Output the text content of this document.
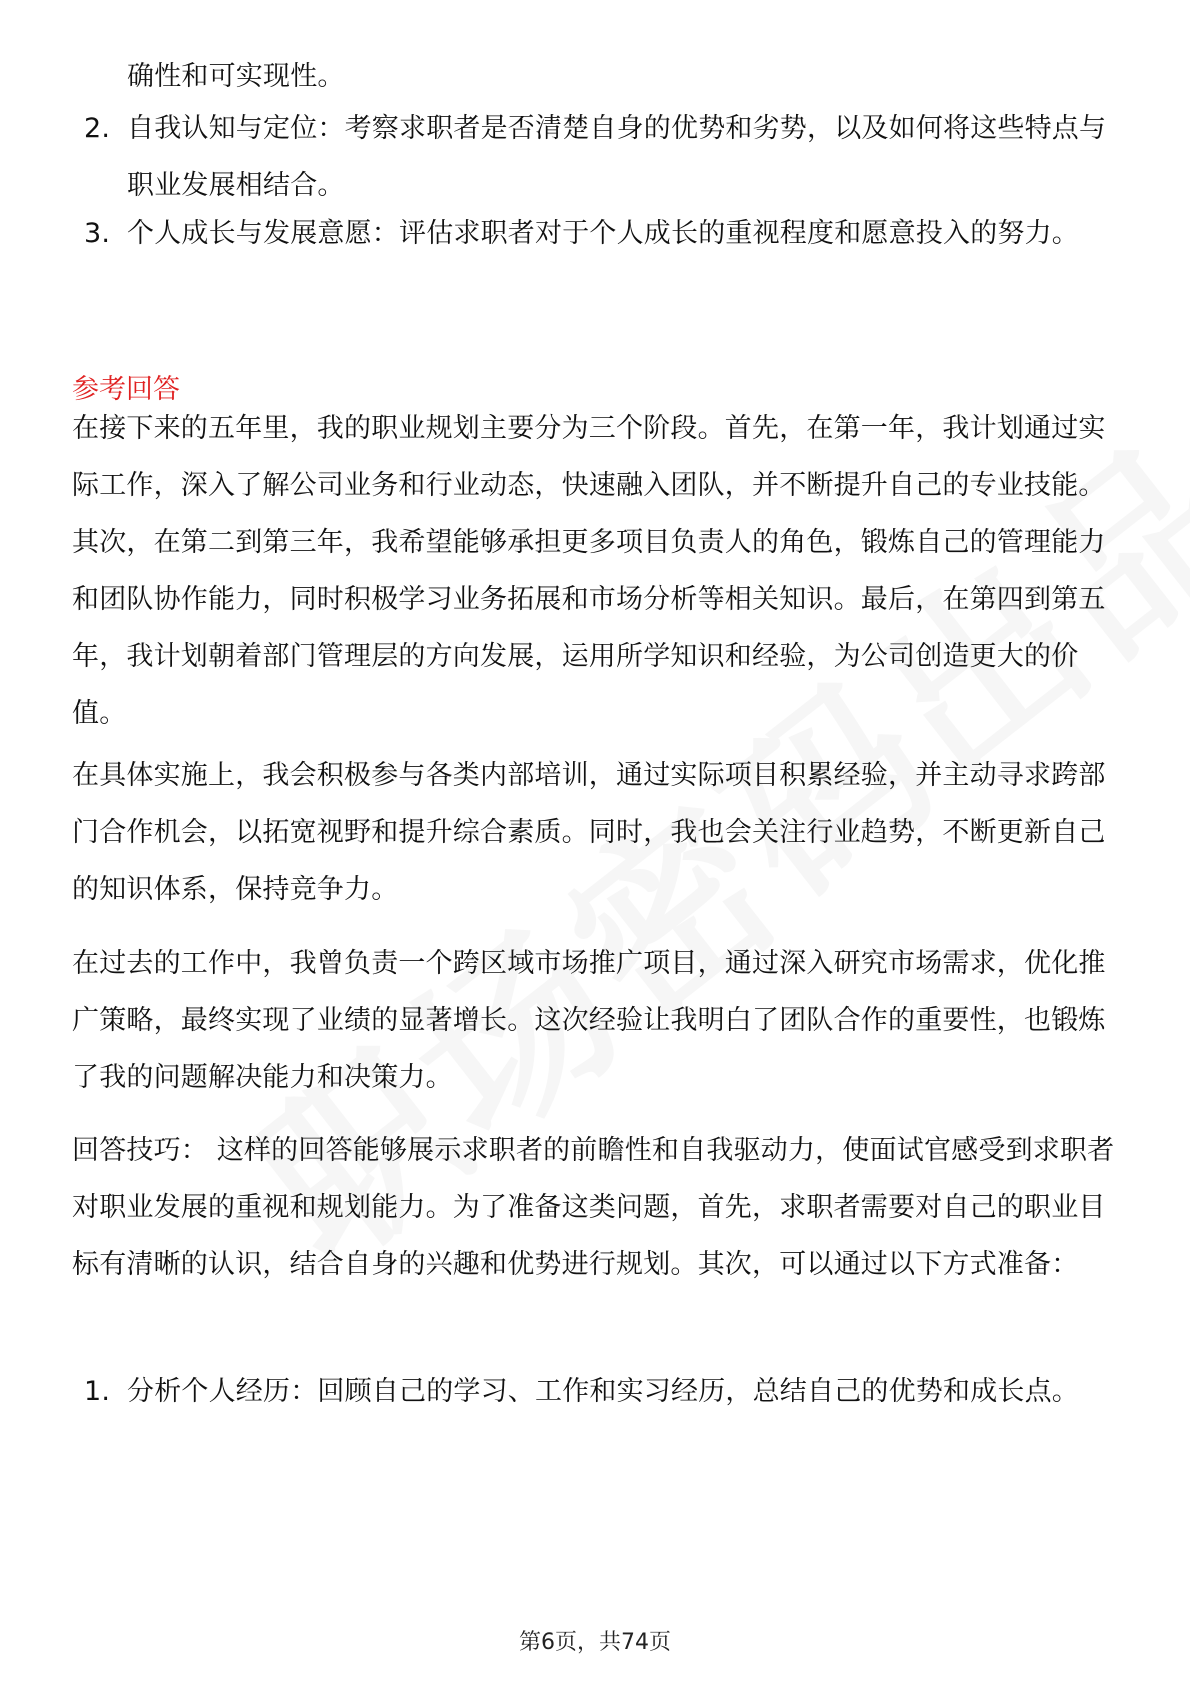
确性和可实现性。
2. 自我认知与定位：考察求职者是否清楚自身的优势和劣势，以及如何将这些特点与职业发展相结合。
3. 个人成长与发展意愿：评估求职者对于个人成长的重视程度和愿意投入的努力。
参考回答
在接下来的五年里，我的职业规划主要分为三个阶段。首先，在第一年，我计划通过实际工作，深入了解公司业务和行业动态，快速融入团队，并不断提升自己的专业技能。其次，在第二到第三年，我希望能够承担更多项目负责人的角色，锻炼自己的管理能力和团队协作能力，同时积极学习业务拓展和市场分析等相关知识。最后，在第四到第五年，我计划朝着部门管理层的方向发展，运用所学知识和经验，为公司创造更大的价值。
在具体实施上，我会积极参与各类内部培训，通过实际项目积累经验，并主动寻求跨部门合作机会，以拓宽视野和提升综合素质。同时，我也会关注行业趋势，不断更新自己的知识体系，保持竞争力。
在过去的工作中，我曾负责一个跨区域市场推广项目，通过深入研究市场需求，优化推广策略，最终实现了业绩的显著增长。这次经验让我明白了团队合作的重要性，也锻炼了我的问题解决能力和决策力。
回答技巧： 这样的回答能够展示求职者的前瞻性和自我驱动力，使面试官感受到求职者对职业发展的重视和规划能力。为了准备这类问题，首先，求职者需要对自己的职业目标有清晰的认识，结合自身的兴趣和优势进行规划。其次，可以通过以下方式准备：
1. 分析个人经历：回顾自己的学习、工作和实习经历，总结自己的优势和成长点。
第6页，共74页
